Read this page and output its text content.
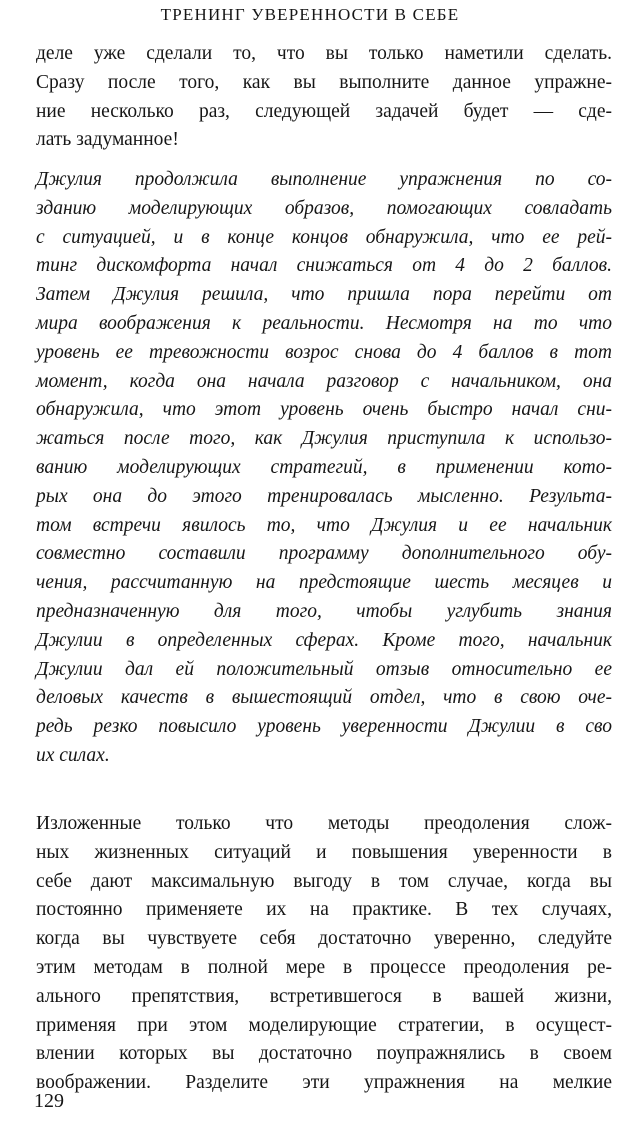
ТРЕНИНГ УВЕРЕННОСТИ В СЕБЕ
деле уже сделали то, что вы только наметили сделать.
Сразу после того, как вы выполните данное упражне-
ние несколько раз, следующей задачей будет — сде-
лать задуманное!
Джулия продолжила выполнение упражнения по со-
зданию моделирующих образов, помогающих совладать
с ситуацией, и в конце концов обнаружила, что ее рей-
тинг дискомфорта начал снижаться от 4 до 2 баллов.
Затем Джулия решила, что пришла пора перейти от
мира воображения к реальности. Несмотря на то что
уровень ее тревожности возрос снова до 4 баллов в тот
момент, когда она начала разговор с начальником, она
обнаружила, что этот уровень очень быстро начал сни-
жаться после того, как Джулия приступила к использо-
ванию моделирующих стратегий, в применении кото-
рых она до этого тренировалась мысленно. Результа-
том встречи явилось то, что Джулия и ее начальник
совместно составили программу дополнительного обу-
чения, рассчитанную на предстоящие шесть месяцев и
предназначенную для того, чтобы углубить знания
Джулии в определенных сферах. Кроме того, начальник
Джулии дал ей положительный отзыв относительно ее
деловых качеств в вышестоящий отдел, что в свою оче-
редь резко повысило уровень уверенности Джулии в сво
их силах.
Изложенные только что методы преодоления слож-
ных жизненных ситуаций и повышения уверенности в
себе дают максимальную выгоду в том случае, когда вы
постоянно применяете их на практике. В тех случаях,
когда вы чувствуете себя достаточно уверенно, следуйте
этим методам в полной мере в процессе преодоления ре-
ального препятствия, встретившегося в вашей жизни,
применяя при этом моделирующие стратегии, в осущест-
влении которых вы достаточно поупражнялись в своем
воображении. Разделите эти упражнения на мелкие
129
